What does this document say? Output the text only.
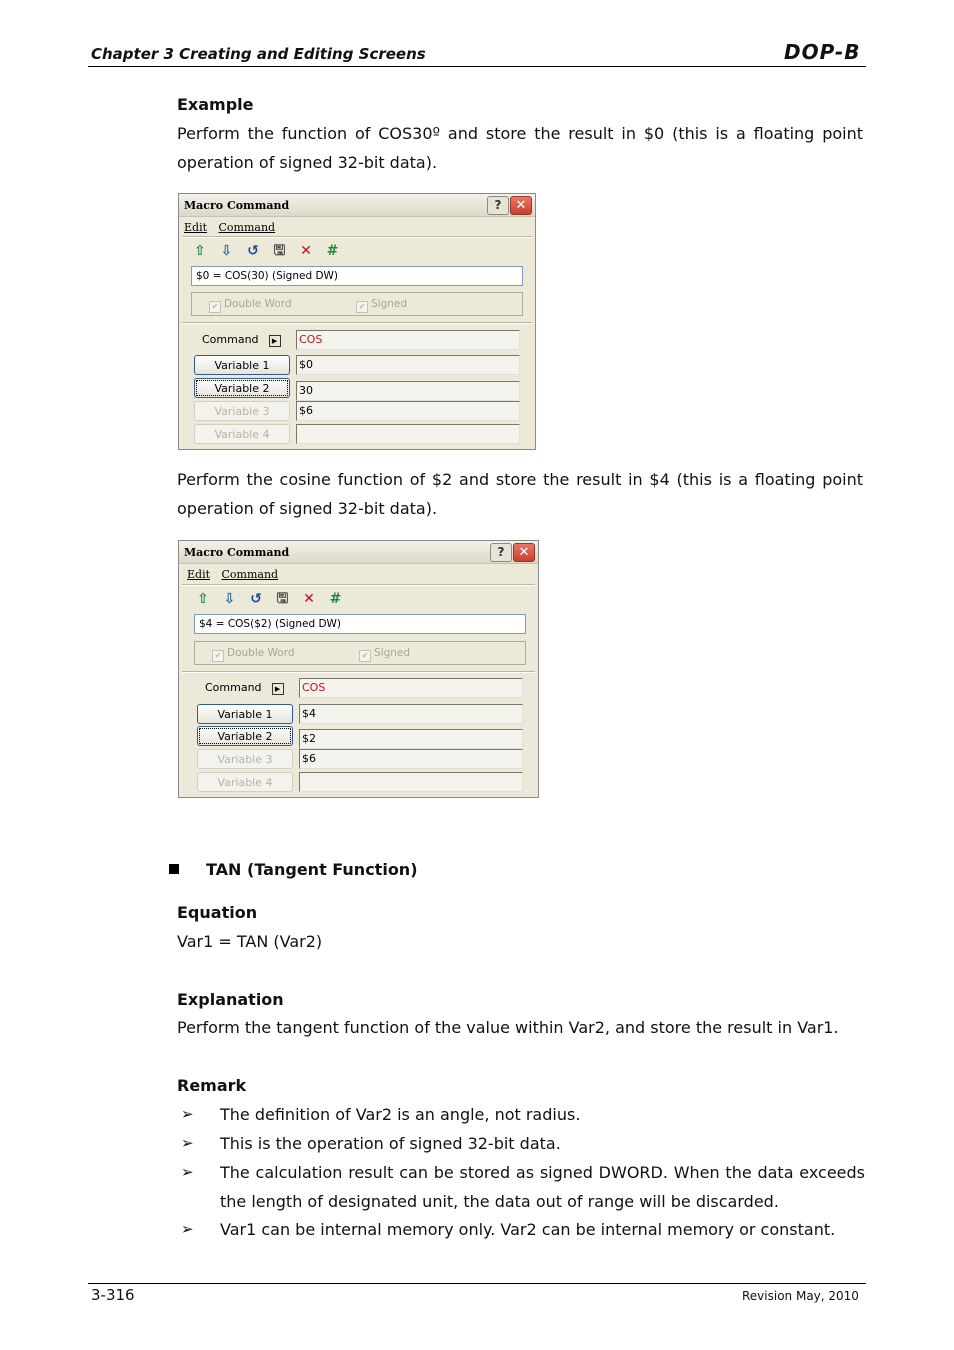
Chapter 3 Creating and Editing Screens	DOP-B
Example
Perform the function of COS30º and store the result in $0 (this is a floating point operation of signed 32-bit data).
Macro Command	?	✕
Edit Command
⇧ ⇩ ↺ 🖫 ✕ #
$0 = COS(30) (Signed DW)
✔ Double Word	✔ Signed
Command ▶	COS
Variable 1	$0
Variable 2	30
Variable 3	$6
Variable 4
Perform the cosine function of $2 and store the result in $4 (this is a floating point operation of signed 32-bit data).
Macro Command	?	✕
Edit Command
⇧ ⇩ ↺ 🖫 ✕ #
$4 = COS($2) (Signed DW)
✔ Double Word	✔ Signed
Command ▶	COS
Variable 1	$4
Variable 2	$2
Variable 3	$6
Variable 4
TAN (Tangent Function)
Equation
Var1 = TAN (Var2)
Explanation
Perform the tangent function of the value within Var2, and store the result in Var1.
Remark
➢ The definition of Var2 is an angle, not radius.
➢ This is the operation of signed 32-bit data.
➢ The calculation result can be stored as signed DWORD. When the data exceeds the length of designated unit, the data out of range will be discarded.
➢ Var1 can be internal memory only. Var2 can be internal memory or constant.
3-316	Revision May, 2010
